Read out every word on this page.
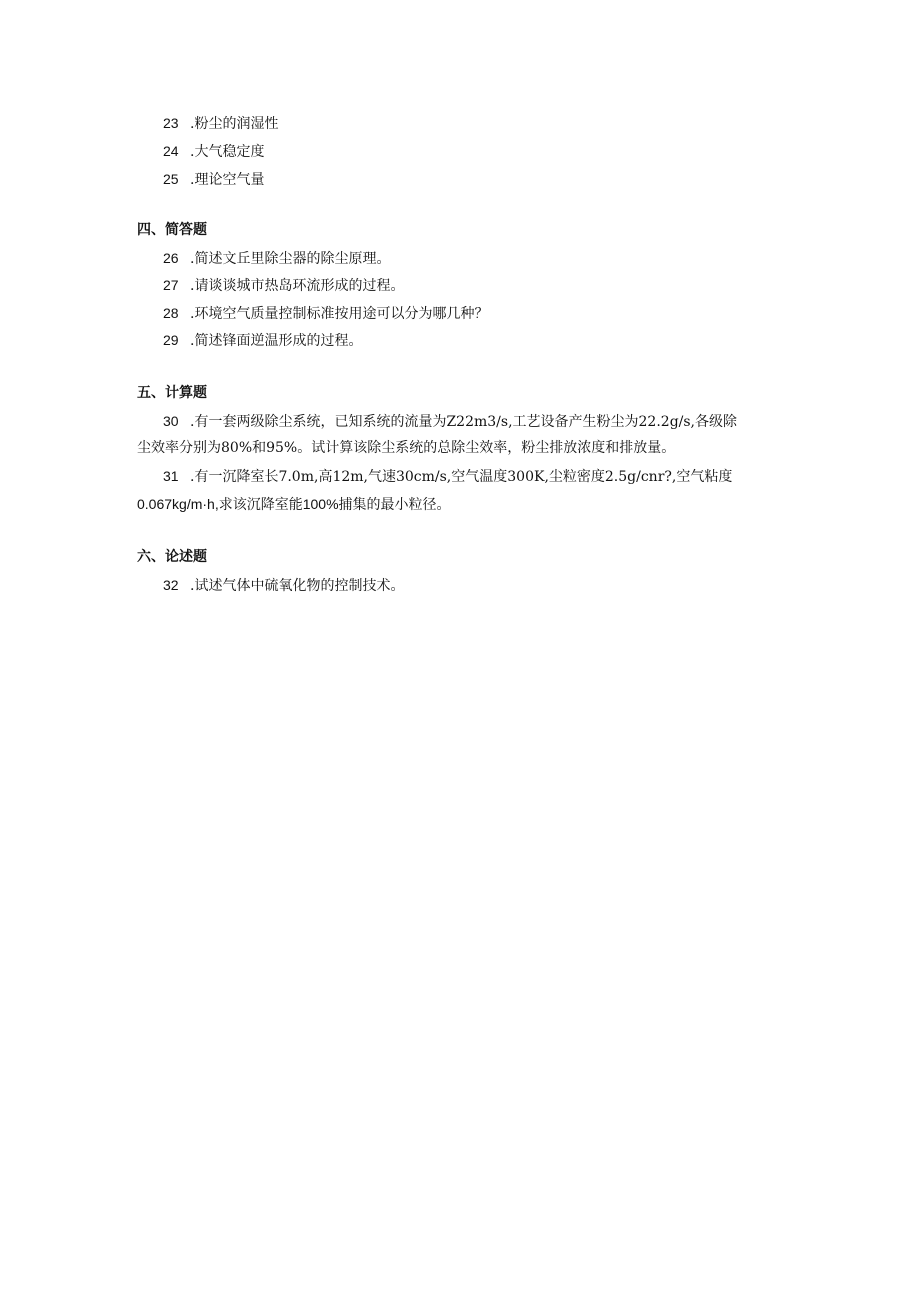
23 .粉尘的润湿性
24 .大气稳定度
25 .理论空气量
四、简答题
26 .简述文丘里除尘器的除尘原理。
27 .请谈谈城市热岛环流形成的过程。
28 .环境空气质量控制标准按用途可以分为哪几种？
29 .简述锋面逆温形成的过程。
五、计算题
30 .有一套两级除尘系统，已知系统的流量为Z22m3∕s,工艺设备产生粉尘为22.2g/s,各级除
尘效率分别为80%和95%。试计算该除尘系统的总除尘效率，粉尘排放浓度和排放量。
31 .有一沉降室长7.0m,高12m,气速30cm/s,空气温度300K,尘粒密度2.5g/cnr?,空气粘度
0.067kg/m·h,求该沉降室能100%捕集的最小粒径。
六、论述题
32 .试述气体中硫氧化物的控制技术。
